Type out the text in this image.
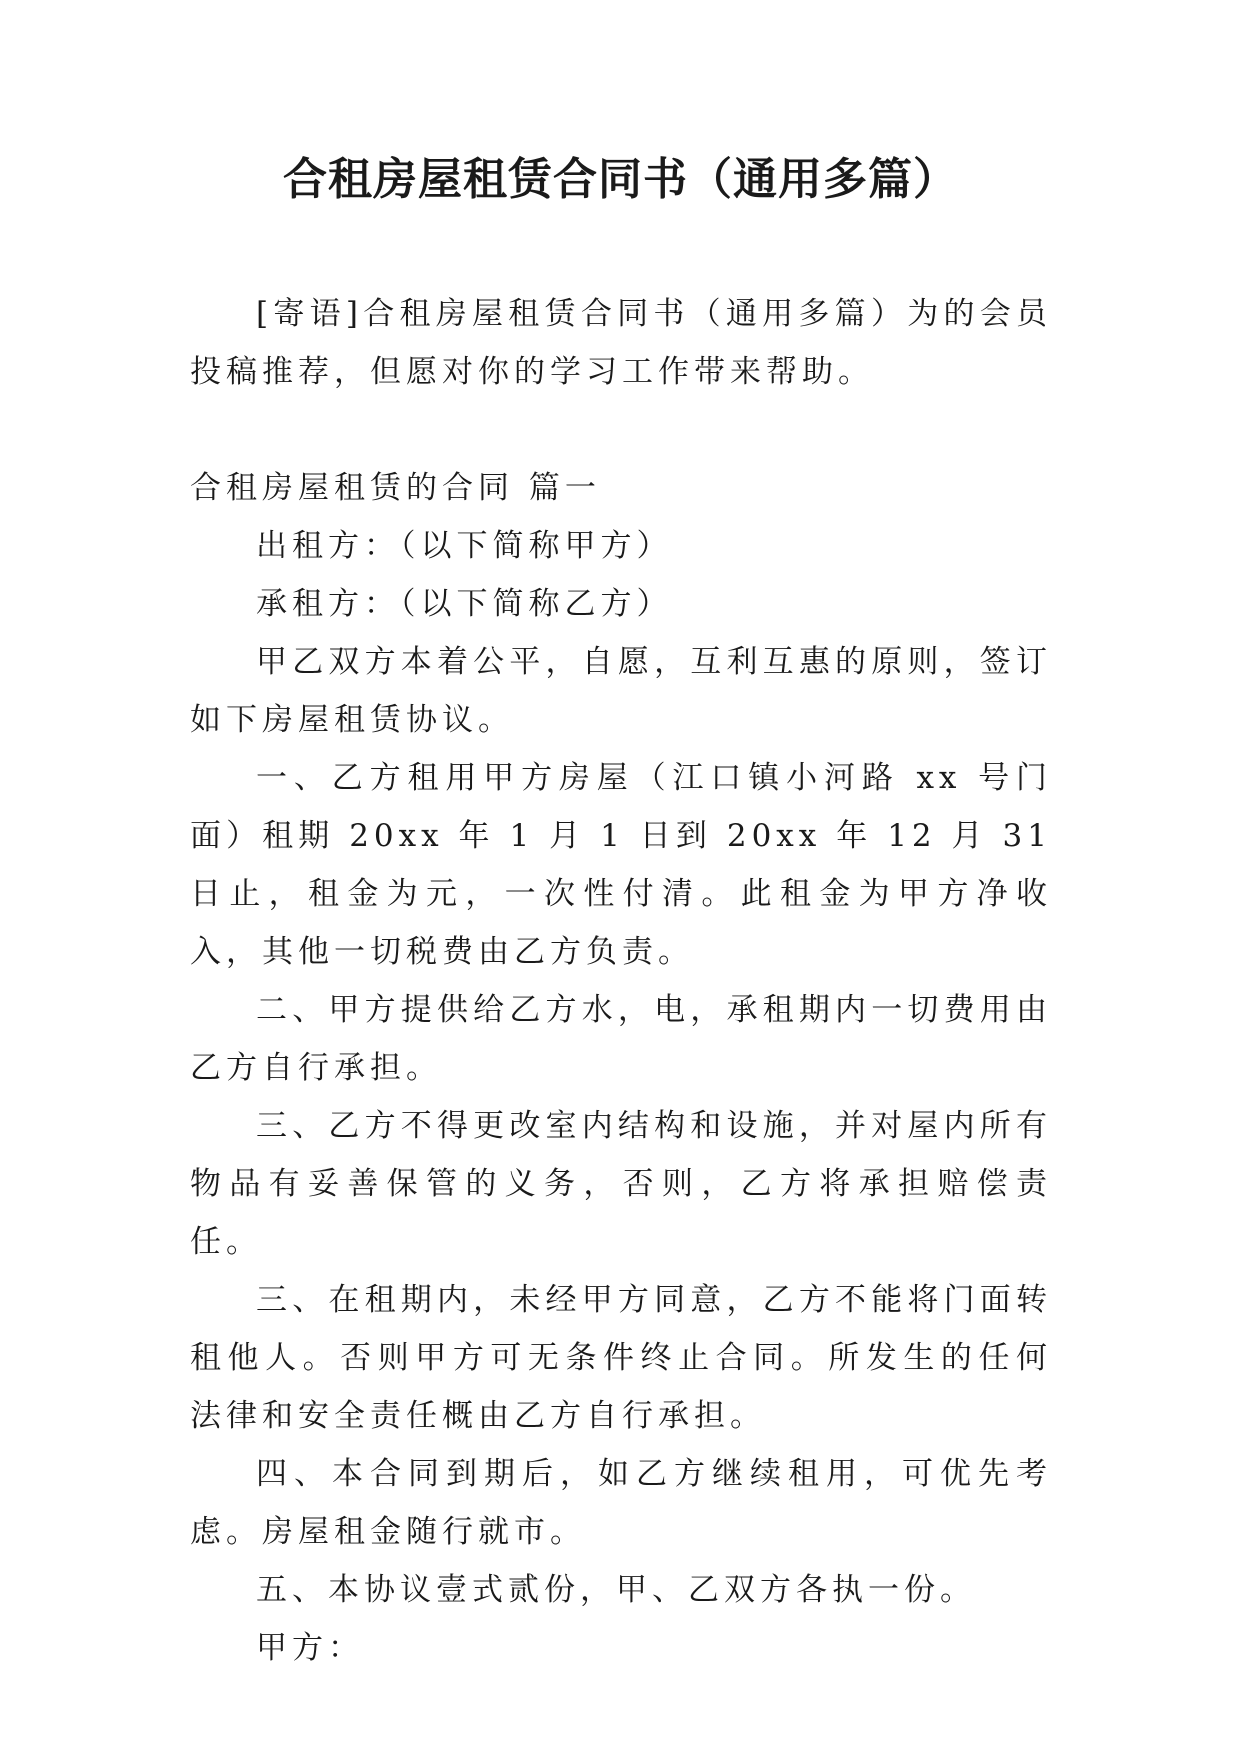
合租房屋租赁合同书（通用多篇）

[寄语]合租房屋租赁合同书（通用多篇）为的会员投稿推荐，但愿对你的学习工作带来帮助。

合租房屋租赁的合同 篇一

出租方：（以下简称甲方）

承租方：（以下简称乙方）

甲乙双方本着公平，自愿，互利互惠的原则，签订如下房屋租赁协议。

一、乙方租用甲方房屋（江口镇小河路 xx 号门面）租期 20xx 年 1 月 1 日到 20xx 年 12 月 31 日止，租金为元，一次性付清。此租金为甲方净收入，其他一切税费由乙方负责。

二、甲方提供给乙方水，电，承租期内一切费用由乙方自行承担。

三、乙方不得更改室内结构和设施，并对屋内所有物品有妥善保管的义务，否则，乙方将承担赔偿责任。

三、在租期内，未经甲方同意，乙方不能将门面转租他人。否则甲方可无条件终止合同。所发生的任何法律和安全责任概由乙方自行承担。

四、本合同到期后，如乙方继续租用，可优先考虑。房屋租金随行就市。

五、本协议壹式贰份，甲、乙双方各执一份。

甲方：
